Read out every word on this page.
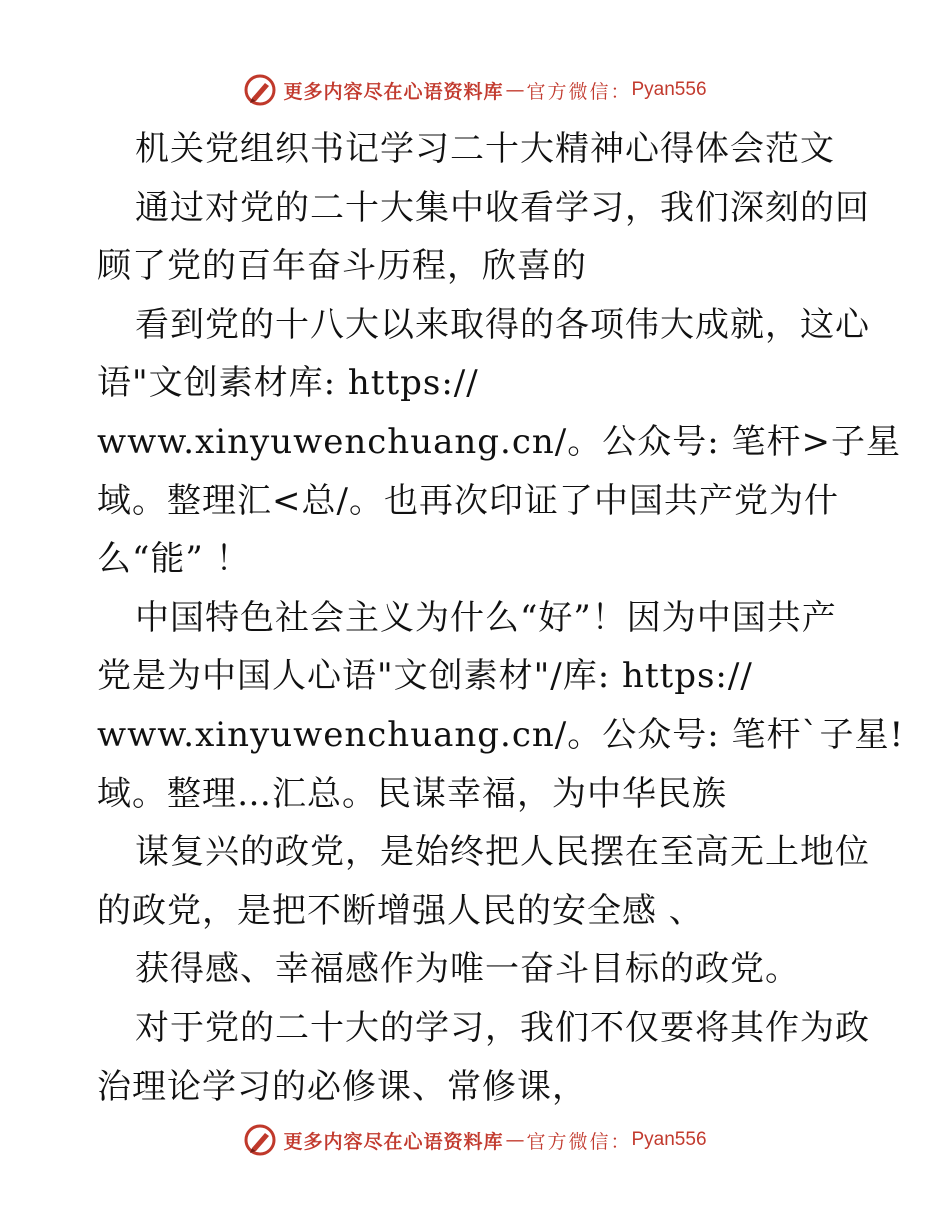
更多内容尽在心语资料库 — 官方微信： Pyan556
机关党组织书记学习二十大精神心得体会范文
通过对党的二十大集中收看学习，我们深刻的回
顾了党的百年奋斗历程，欣喜的
看到党的十八大以来取得的各项伟大成就，这心
语"文创素材库: https://
www.xinyuwenchuang.cn/。公众号: 笔杆>子星
域。整理汇<总/。也再次印证了中国共产党为什
么“能” ！
中国特色社会主义为什么“好”！因为中国共产
党是为中国人心语"文创素材"/库: https://
www.xinyuwenchuang.cn/。公众号: 笔杆`子星!
域。整理…汇总。民谋幸福，为中华民族
谋复兴的政党，是始终把人民摆在至高无上地位
的政党，是把不断增强人民的安全感 、
获得感、幸福感作为唯一奋斗目标的政党。
对于党的二十大的学习，我们不仅要将其作为政
治理论学习的必修课、常修课，
更多内容尽在心语资料库 — 官方微信： Pyan556
